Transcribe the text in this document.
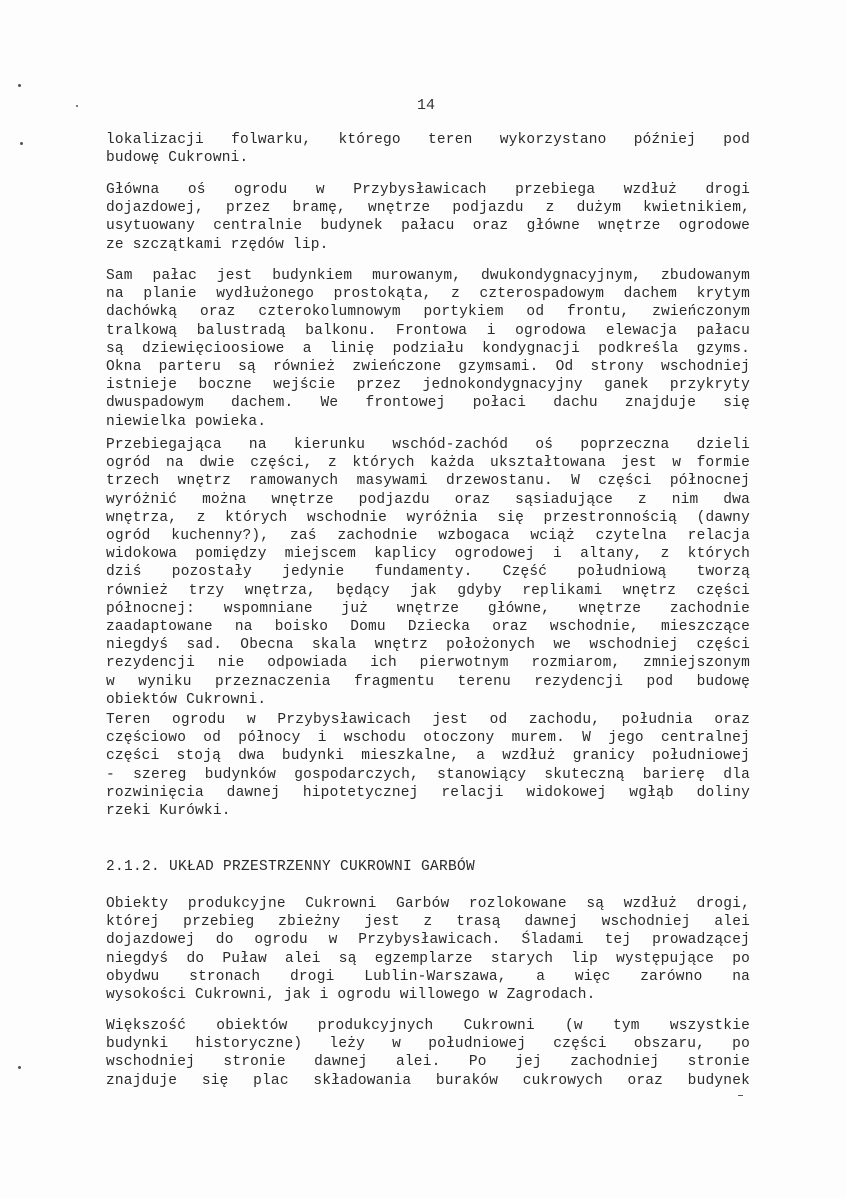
14
lokalizacji folwarku, którego teren wykorzystano później pod
budowę Cukrowni.
Główna oś ogrodu w Przybysławicach przebiega wzdłuż drogi
dojazdowej, przez bramę, wnętrze podjazdu z dużym kwietnikiem,
usytuowany centralnie budynek pałacu oraz główne wnętrze ogrodowe
ze szczątkami rzędów lip.
Sam pałac jest budynkiem murowanym, dwukondygnacyjnym, zbudowanym
na planie wydłużonego prostokąta, z czterospadowym dachem krytym
dachówką oraz czterokolumnowym portykiem od frontu, zwieńczonym
tralkową balustradą balkonu. Frontowa i ogrodowa elewacja pałacu
są dziewięcioosiowe a linię podziału kondygnacji podkreśla gzyms.
Okna parteru są również zwieńczone gzymsami. Od strony wschodniej
istnieje boczne wejście przez jednokondygnacyjny ganek przykryty
dwuspadowym dachem. We frontowej połaci dachu znajduje się
niewielka powieka.
Przebiegająca na kierunku wschód-zachód oś poprzeczna dzieli
ogród na dwie części, z których każda ukształtowana jest w formie
trzech wnętrz ramowanych masywami drzewostanu. W części północnej
wyróżnić można wnętrze podjazdu oraz sąsiadujące z nim dwa
wnętrza, z których wschodnie wyróżnia się przestronnością (dawny
ogród kuchenny?), zaś zachodnie wzbogaca wciąż czytelna relacja
widokowa pomiędzy miejscem kaplicy ogrodowej i altany, z których
dziś pozostały jedynie fundamenty. Część południową tworzą
również trzy wnętrza, będący jak gdyby replikami wnętrz części
północnej: wspomniane już wnętrze główne, wnętrze zachodnie
zaadaptowane na boisko Domu Dziecka oraz wschodnie, mieszczące
niegdyś sad. Obecna skala wnętrz położonych we wschodniej części
rezydencji nie odpowiada ich pierwotnym rozmiarom, zmniejszonym
w wyniku przeznaczenia fragmentu terenu rezydencji pod budowę
obiektów Cukrowni.
Teren ogrodu w Przybysławicach jest od zachodu, południa oraz
częściowo od północy i wschodu otoczony murem. W jego centralnej
części stoją dwa budynki mieszkalne, a wzdłuż granicy południowej
- szereg budynków gospodarczych, stanowiący skuteczną barierę dla
rozwinięcia dawnej hipotetycznej relacji widokowej wgłąb doliny
rzeki Kurówki.
2.1.2. UKŁAD PRZESTRZENNY CUKROWNI GARBÓW
Obiekty produkcyjne Cukrowni Garbów rozlokowane są wzdłuż drogi,
której przebieg zbieżny jest z trasą dawnej wschodniej alei
dojazdowej do ogrodu w Przybysławicach. Śladami tej prowadzącej
niegdyś do Puław alei są egzemplarze starych lip występujące po
obydwu stronach drogi Lublin-Warszawa, a więc zarówno na
wysokości Cukrowni, jak i ogrodu willowego w Zagrodach.
Większość obiektów produkcyjnych Cukrowni (w tym wszystkie
budynki historyczne) leży w południowej części obszaru, po
wschodniej stronie dawnej alei. Po jej zachodniej stronie
znajduje się plac składowania buraków cukrowych oraz budynek
